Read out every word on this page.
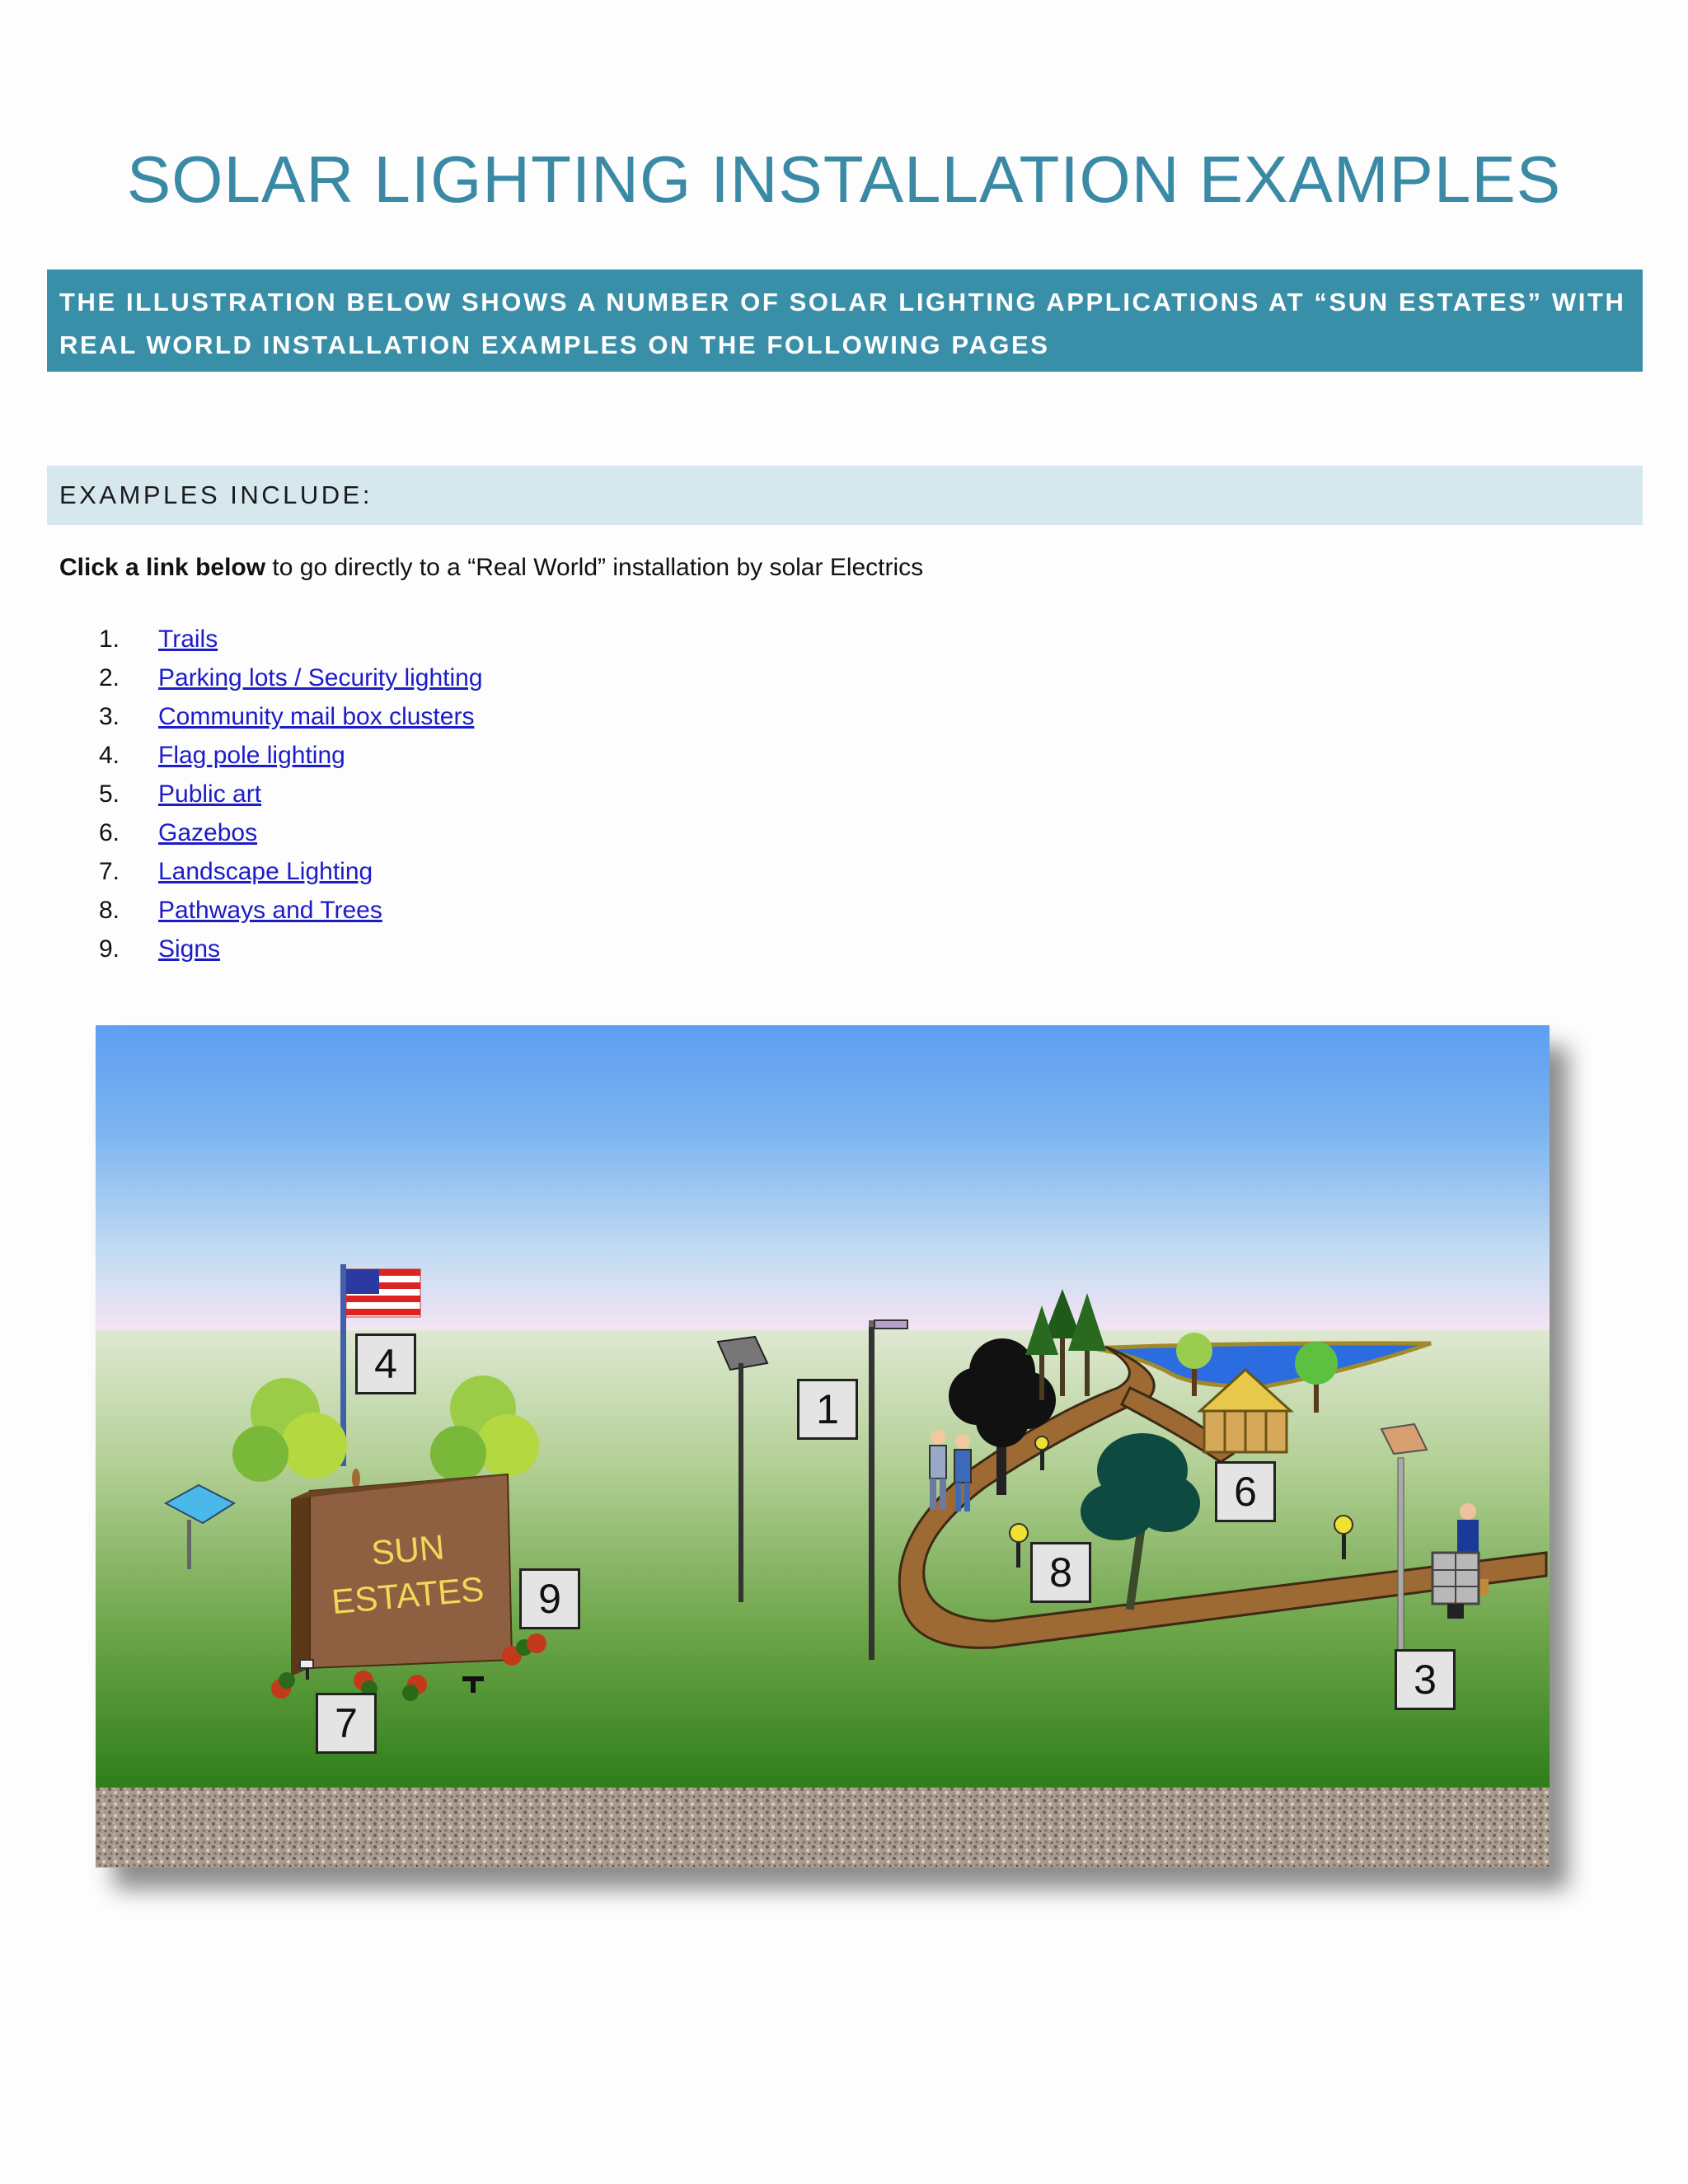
SOLAR LIGHTING INSTALLATION EXAMPLES
THE ILLUSTRATION BELOW SHOWS A NUMBER OF SOLAR LIGHTING APPLICATIONS AT “SUN ESTATES” WITH REAL WORLD INSTALLATION EXAMPLES ON THE FOLLOWING PAGES
EXAMPLES INCLUDE:
Click a link below to go directly to a “Real World” installation by solar Electrics
1. Trails
2. Parking lots / Security lighting
3. Community mail box clusters
4. Flag pole lighting
5. Public art
6. Gazebos
7. Landscape Lighting
8. Pathways and Trees
9. Signs
SUN
ESTATES
1
3
4
6
7
8
9
